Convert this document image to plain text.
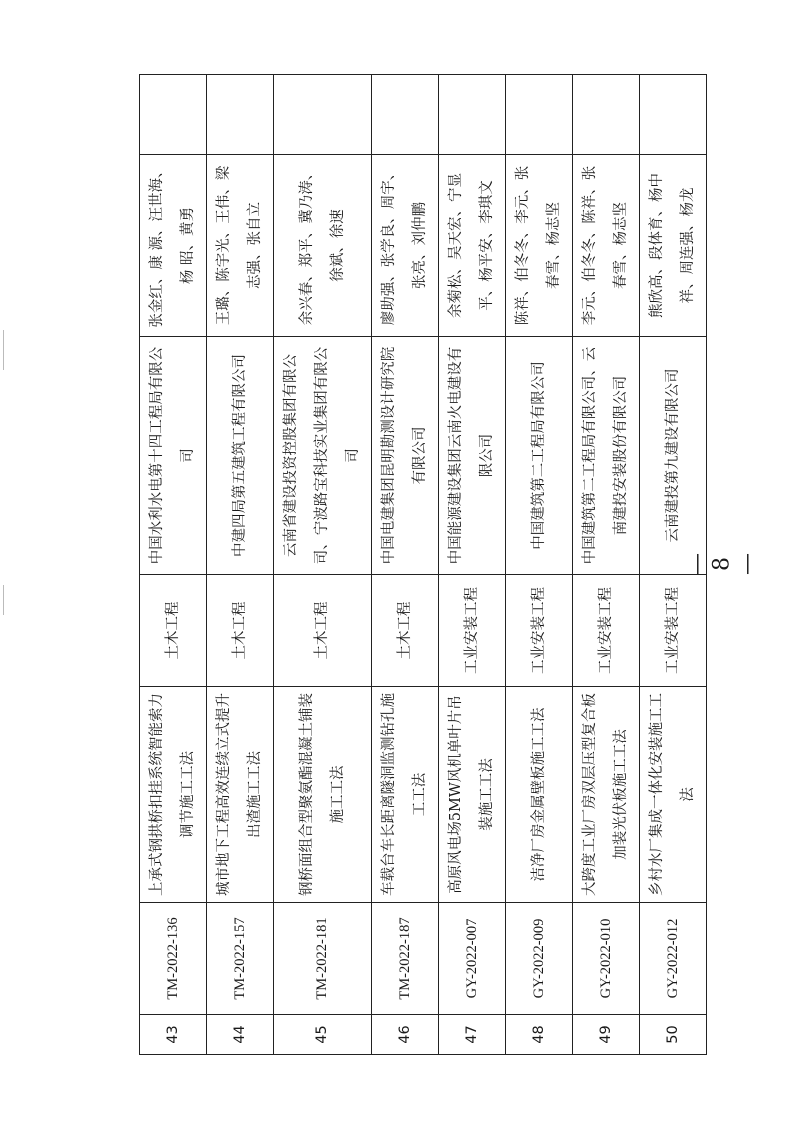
43	TM-2022-136	上承式钢拱桥扣挂系统智能索力调节施工工法	土木工程	中国水利水电第十四工程局有限公司	张金红、康 源、汪世海、杨 昭、黄勇	
44	TM-2022-157	城市地下工程高效连续立式提升出渣施工工法	土木工程	中建四局第五建筑工程有限公司	王璐、陈宇光、王伟、梁志强、张自立	
45	TM-2022-181	钢桥面组合型聚氨酯混凝土铺装施工工法	土木工程	云南省建设投资控股集团有限公司、宁波路宝科技实业集团有限公司	余兴春、郑平、冀乃涛、徐斌、徐速	
46	TM-2022-187	车载台车长距离隧洞监测钻孔施工工法	土木工程	中国电建集团昆明勘测设计研究院有限公司	廖助强、张学良、周宇、张亮、刘仲鹏	
47	GY-2022-007	高原风电场5MW风机单叶片吊装施工工法	工业安装工程	中国能源建设集团云南火电建设有限公司	余菊松、吴天宏、宁显平、杨平安、李琪文	
48	GY-2022-009	洁净厂房金属壁板施工工法	工业安装工程	中国建筑第二工程局有限公司	陈祥、伯冬冬、李元、张春雪、杨志坚	
49	GY-2022-010	大跨度工业厂房双层压型复合板加装光伏板施工工法	工业安装工程	中国建筑第二工程局有限公司、云南建投安装股份有限公司	李元、伯冬冬、陈祥、张春雪、杨志坚	
50	GY-2022-012	乡村水厂集成一体化安装施工工法	工业安装工程	云南建投第九建设有限公司	熊欣高、段体育、杨中祥、周连强、杨龙	
— 8 —
